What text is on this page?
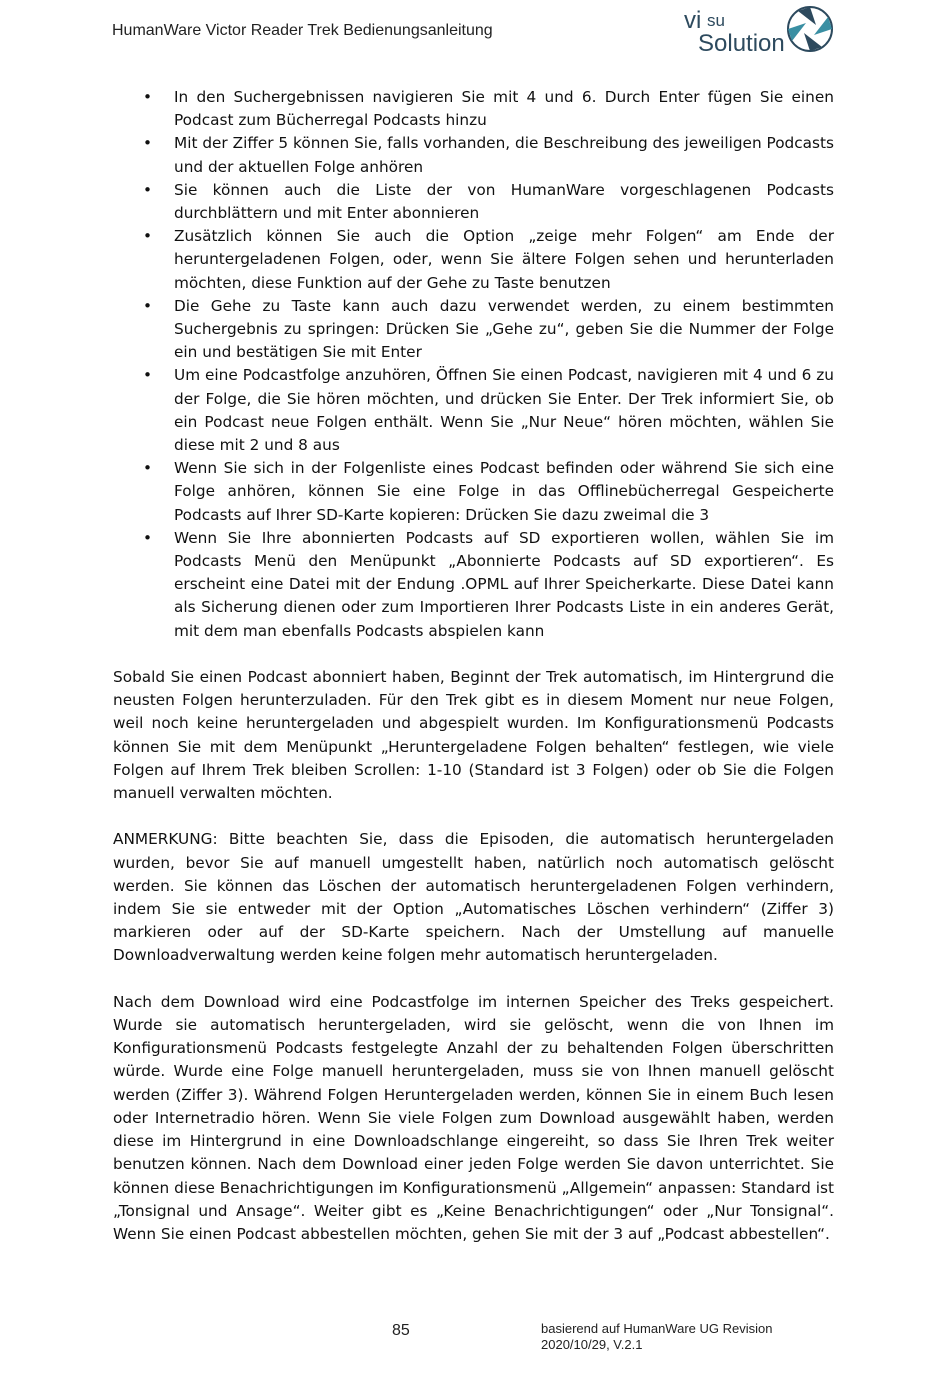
HumanWare Victor Reader Trek Bedienungsanleitung	vi su
Solution
• In den Suchergebnissen navigieren Sie mit 4 und 6. Durch Enter fügen Sie einen Podcast zum Bücherregal Podcasts hinzu
• Mit der Ziffer 5 können Sie, falls vorhanden, die Beschreibung des jeweiligen Podcasts und der aktuellen Folge anhören
• Sie können auch die Liste der von HumanWare vorgeschlagenen Podcasts durchblättern und mit Enter abonnieren
• Zusätzlich können Sie auch die Option „zeige mehr Folgen“ am Ende der heruntergeladenen Folgen, oder, wenn Sie ältere Folgen sehen und herunterladen möchten, diese Funktion auf der Gehe zu Taste benutzen
• Die Gehe zu Taste kann auch dazu verwendet werden, zu einem bestimmten Suchergebnis zu springen: Drücken Sie „Gehe zu“, geben Sie die Nummer der Folge ein und bestätigen Sie mit Enter
• Um eine Podcastfolge anzuhören, Öffnen Sie einen Podcast, navigieren mit 4 und 6 zu der Folge, die Sie hören möchten, und drücken Sie Enter. Der Trek informiert Sie, ob ein Podcast neue Folgen enthält. Wenn Sie „Nur Neue“ hören möchten, wählen Sie diese mit 2 und 8 aus
• Wenn Sie sich in der Folgenliste eines Podcast befinden oder während Sie sich eine Folge anhören, können Sie eine Folge in das Offlinebücherregal Gespeicherte Podcasts auf Ihrer SD-Karte kopieren: Drücken Sie dazu zweimal die 3
• Wenn Sie Ihre abonnierten Podcasts auf SD exportieren wollen, wählen Sie im Podcasts Menü den Menüpunkt „Abonnierte Podcasts auf SD exportieren“. Es erscheint eine Datei mit der Endung .OPML auf Ihrer Speicherkarte. Diese Datei kann als Sicherung dienen oder zum Importieren Ihrer Podcasts Liste in ein anderes Gerät, mit dem man ebenfalls Podcasts abspielen kann

Sobald Sie einen Podcast abonniert haben, Beginnt der Trek automatisch, im Hintergrund die neusten Folgen herunterzuladen. Für den Trek gibt es in diesem Moment nur neue Folgen, weil noch keine heruntergeladen und abgespielt wurden. Im Konfigurationsmenü Podcasts können Sie mit dem Menüpunkt „Heruntergeladene Folgen behalten“ festlegen, wie viele Folgen auf Ihrem Trek bleiben Scrollen: 1-10 (Standard ist 3 Folgen) oder ob Sie die Folgen manuell verwalten möchten.

ANMERKUNG: Bitte beachten Sie, dass die Episoden, die automatisch heruntergeladen wurden, bevor Sie auf manuell umgestellt haben, natürlich noch automatisch gelöscht werden. Sie können das Löschen der automatisch heruntergeladenen Folgen verhindern, indem Sie sie entweder mit der Option „Automatisches Löschen verhindern“ (Ziffer 3) markieren oder auf der SD-Karte speichern. Nach der Umstellung auf manuelle Downloadverwaltung werden keine folgen mehr automatisch heruntergeladen.

Nach dem Download wird eine Podcastfolge im internen Speicher des Treks gespeichert. Wurde sie automatisch heruntergeladen, wird sie gelöscht, wenn die von Ihnen im Konfigurationsmenü Podcasts festgelegte Anzahl der zu behaltenden Folgen überschritten würde. Wurde eine Folge manuell heruntergeladen, muss sie von Ihnen manuell gelöscht werden (Ziffer 3). Während Folgen Heruntergeladen werden, können Sie in einem Buch lesen oder Internetradio hören. Wenn Sie viele Folgen zum Download ausgewählt haben, werden diese im Hintergrund in eine Downloadschlange eingereiht, so dass Sie Ihren Trek weiter benutzen können. Nach dem Download einer jeden Folge werden Sie davon unterrichtet. Sie können diese Benachrichtigungen im Konfigurationsmenü „Allgemein“ anpassen: Standard ist „Tonsignal und Ansage“. Weiter gibt es „Keine Benachrichtigungen“ oder „Nur Tonsignal“. Wenn Sie einen Podcast abbestellen möchten, gehen Sie mit der 3 auf „Podcast abbestellen“.

85	basierend auf HumanWare UG Revision
2020/10/29, V.2.1
